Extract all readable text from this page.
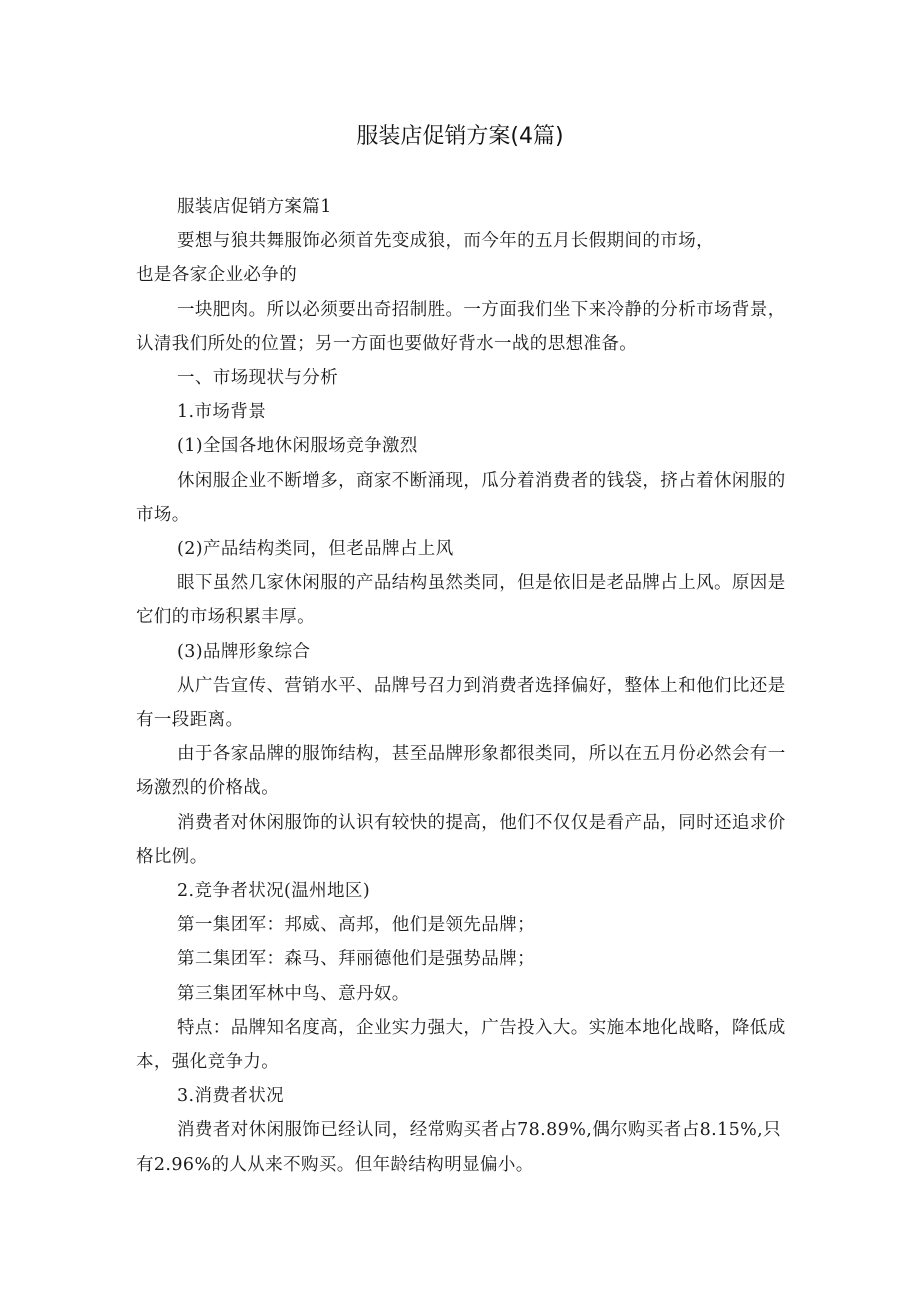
服装店促销方案(4篇)

服装店促销方案篇1

要想与狼共舞服饰必须首先变成狼，而今年的五月长假期间的市场，

也是各家企业必争的

一块肥肉。所以必须要出奇招制胜。一方面我们坐下来冷静的分析市场背景，认清我们所处的位置；另一方面也要做好背水一战的思想准备。

一、市场现状与分析

1.市场背景

(1)全国各地休闲服场竞争激烈

休闲服企业不断增多，商家不断涌现，瓜分着消费者的钱袋，挤占着休闲服的市场。

(2)产品结构类同，但老品牌占上风

眼下虽然几家休闲服的产品结构虽然类同，但是依旧是老品牌占上风。原因是它们的市场积累丰厚。

(3)品牌形象综合

从广告宣传、营销水平、品牌号召力到消费者选择偏好，整体上和他们比还是有一段距离。

由于各家品牌的服饰结构，甚至品牌形象都很类同，所以在五月份必然会有一场激烈的价格战。

消费者对休闲服饰的认识有较快的提高，他们不仅仅是看产品，同时还追求价格比例。

2.竞争者状况(温州地区)

第一集团军：邦威、高邦，他们是领先品牌；

第二集团军：森马、拜丽德他们是强势品牌；

第三集团军林中鸟、意丹奴。

特点：品牌知名度高，企业实力强大，广告投入大。实施本地化战略，降低成本，强化竞争力。

3.消费者状况

消费者对休闲服饰已经认同，经常购买者占78.89%,偶尔购买者占8.15%,只有2.96%的人从来不购买。但年龄结构明显偏小。
